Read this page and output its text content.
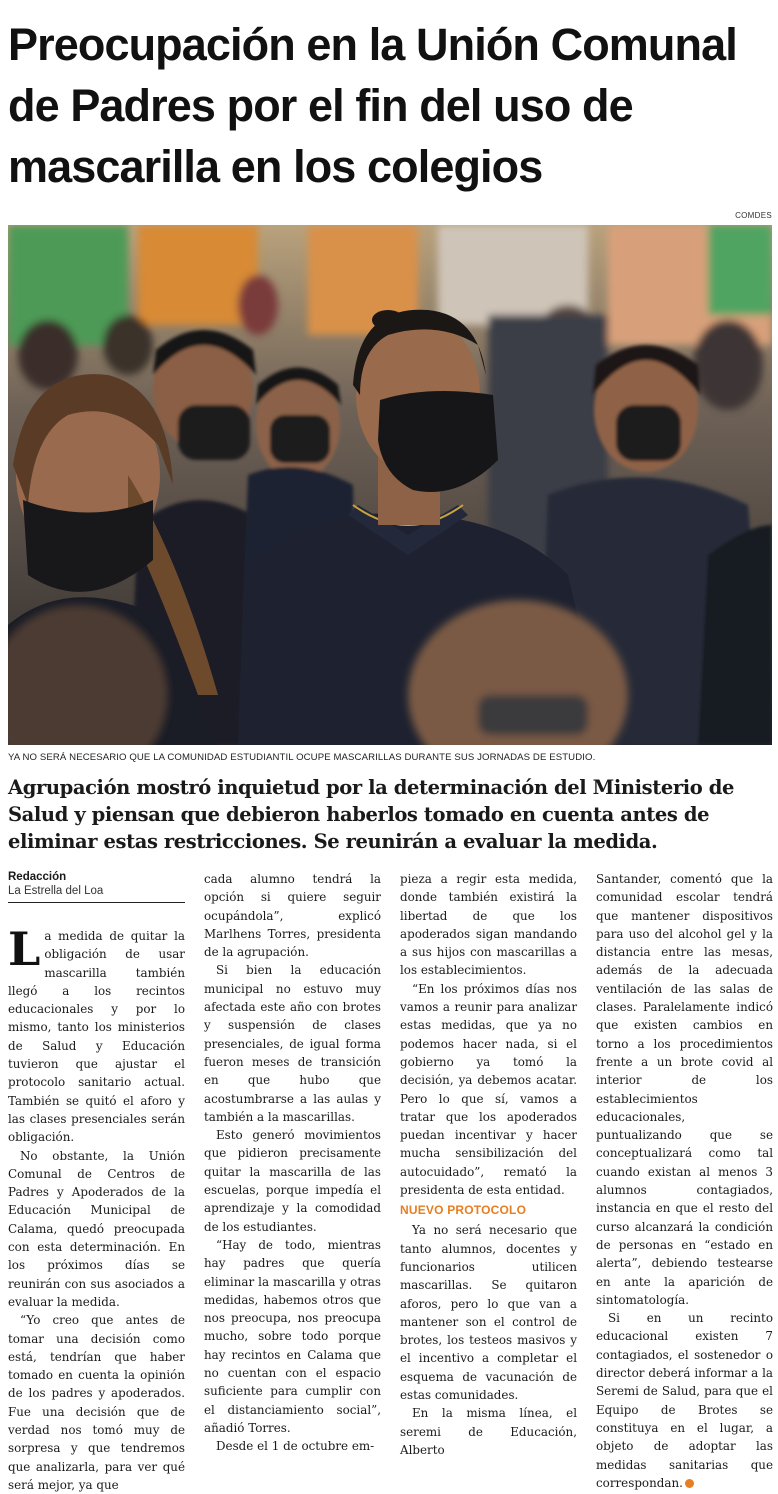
Preocupación en la Unión Comunal de Padres por el fin del uso de mascarilla en los colegios
COMDES
YA NO SERÁ NECESARIO QUE LA COMUNIDAD ESTUDIANTIL OCUPE MASCARILLAS DURANTE SUS JORNADAS DE ESTUDIO.

Agrupación mostró inquietud por la determinación del Ministerio de Salud y piensan que debieron haberlos tomado en cuenta antes de eliminar estas restricciones. Se reunirán a evaluar la medida.

Redacción
La Estrella del Loa

La medida de quitar la obligación de usar mascarilla también llegó a los recintos educacionales y por lo mismo, tanto los ministerios de Salud y Educación tuvieron que ajustar el protocolo sanitario actual. También se quitó el aforo y las clases presenciales serán obligación.

No obstante, la Unión Comunal de Centros de Padres y Apoderados de la Educación Municipal de Calama, quedó preocupada con esta determinación. En los próximos días se reunirán con sus asociados a evaluar la medida.

“Yo creo que antes de tomar una decisión como está, tendrían que haber tomado en cuenta la opinión de los padres y apoderados. Fue una decisión que de verdad nos tomó muy de sorpresa y que tendremos que analizarla, para ver qué será mejor, ya que

cada alumno tendrá la opción si quiere seguir ocupándola”, explicó Marlhens Torres, presidenta de la agrupación.

Si bien la educación municipal no estuvo muy afectada este año con brotes y suspensión de clases presenciales, de igual forma fueron meses de transición en que hubo que acostumbrarse a las aulas y también a la mascarillas.

Esto generó movimientos que pidieron precisamente quitar la mascarilla de las escuelas, porque impedía el aprendizaje y la comodidad de los estudiantes.

“Hay de todo, mientras hay padres que quería eliminar la mascarilla y otras medidas, habemos otros que nos preocupa, nos preocupa mucho, sobre todo porque hay recintos en Calama que no cuentan con el espacio suficiente para cumplir con el distanciamiento social”, añadió Torres.

Desde el 1 de octubre em-

pieza a regir esta medida, donde también existirá la libertad de que los apoderados sigan mandando a sus hijos con mascarillas a los establecimientos.

“En los próximos días nos vamos a reunir para analizar estas medidas, que ya no podemos hacer nada, si el gobierno ya tomó la decisión, ya debemos acatar. Pero lo que sí, vamos a tratar que los apoderados puedan incentivar y hacer mucha sensibilización del autocuidado”, remató la presidenta de esta entidad.

NUEVO PROTOCOLO

Ya no será necesario que tanto alumnos, docentes y funcionarios utilicen mascarillas. Se quitaron aforos, pero lo que van a mantener son el control de brotes, los testeos masivos y el incentivo a completar el esquema de vacunación de estas comunidades.

En la misma línea, el seremi de Educación, Alberto

Santander, comentó que la comunidad escolar tendrá que mantener dispositivos para uso del alcohol gel y la distancia entre las mesas, además de la adecuada ventilación de las salas de clases. Paralelamente indicó que existen cambios en torno a los procedimientos frente a un brote covid al interior de los establecimientos educacionales, puntualizando que se conceptualizará como tal cuando existan al menos 3 alumnos contagiados, instancia en que el resto del curso alcanzará la condición de personas en “estado en alerta”, debiendo testearse en ante la aparición de sintomatología.

Si en un recinto educacional existen 7 contagiados, el sostenedor o director deberá informar a la Seremi de Salud, para que el Equipo de Brotes se constituya en el lugar, a objeto de adoptar las medidas sanitarias que correspondan.
